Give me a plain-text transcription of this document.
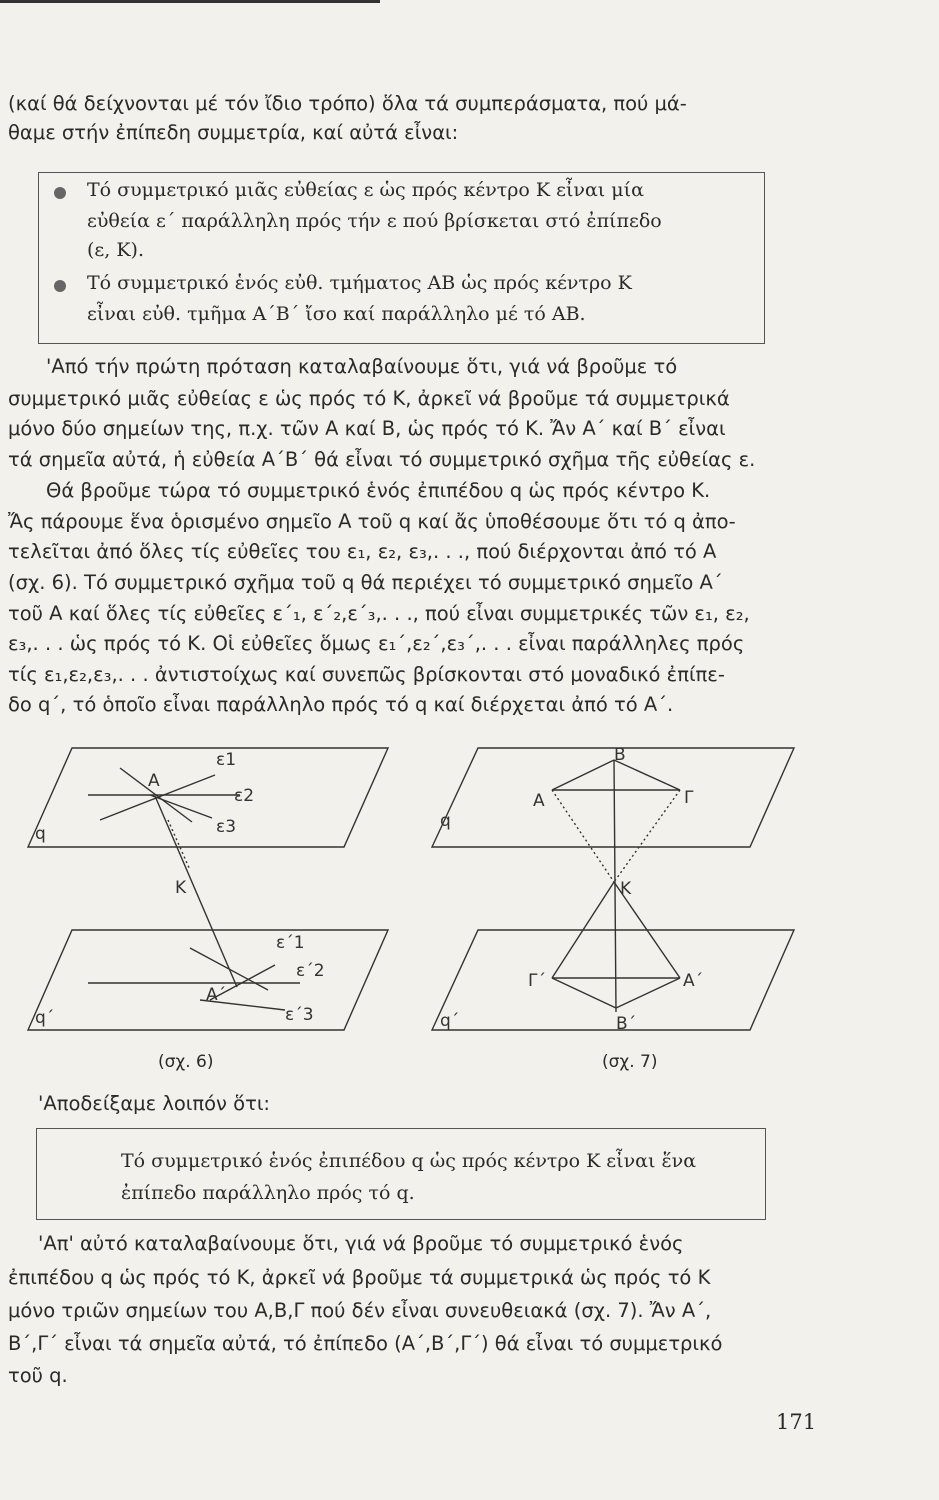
(καί θά δείχνονται μέ τόν ἴδιο τρόπο) ὅλα τά συμπεράσματα, πού μά-
θαμε στήν ἐπίπεδη συμμετρία, καί αὐτά εἶναι:
Τό συμμετρικό μιᾶς εὐθείας ε ὡς πρός κέντρο Κ εἶναι μία
εὐθεία ε΄ παράλληλη πρός τήν ε πού βρίσκεται στό ἐπίπεδο
(ε, Κ).
Τό συμμετρικό ἑνός εὐθ. τμήματος ΑΒ ὡς πρός κέντρο Κ
εἶναι εὐθ. τμῆμα Α΄Β΄ ἴσο καί παράλληλο μέ τό ΑΒ.
'Από τήν πρώτη πρόταση καταλαβαίνουμε ὅτι, γιά νά βροῦμε τό
συμμετρικό μιᾶς εὐθείας ε ὡς πρός τό Κ, ἀρκεῖ νά βροῦμε τά συμμετρικά
μόνο δύο σημείων της, π.χ. τῶν Α καί Β, ὡς πρός τό Κ. Ἄν Α΄ καί Β΄ εἶναι
τά σημεῖα αὐτά, ἡ εὐθεία Α΄Β΄ θά εἶναι τό συμμετρικό σχῆμα τῆς εὐθείας ε.
Θά βροῦμε τώρα τό συμμετρικό ἑνός ἐπιπέδου q ὡς πρός κέντρο Κ.
Ἄς πάρουμε ἕνα ὁρισμένο σημεῖο Α τοῦ q καί ἄς ὑποθέσουμε ὅτι τό q ἀπο-
τελεῖται ἀπό ὅλες τίς εὐθεῖες του ε₁, ε₂, ε₃,. . ., πού διέρχονται ἀπό τό Α
(σχ. 6). Τό συμμετρικό σχῆμα τοῦ q θά περιέχει τό συμμετρικό σημεῖο Α΄
τοῦ Α καί ὅλες τίς εὐθεῖες ε΄₁, ε΄₂,ε΄₃,. . ., πού εἶναι συμμετρικές τῶν ε₁, ε₂,
ε₃,. . . ὡς πρός τό Κ. Οἱ εὐθεῖες ὅμως ε₁΄,ε₂΄,ε₃΄,. . . εἶναι παράλληλες πρός
τίς ε₁,ε₂,ε₃,. . . ἀντιστοίχως καί συνεπῶς βρίσκονται στό μοναδικό ἐπίπε-
δο q΄, τό ὁποῖο εἶναι παράλληλο πρός τό q καί διέρχεται ἀπό τό Α΄.
ε1
Α
ε2
ε3
q
Κ
ε΄1
ε΄2
Α΄
ε΄3
q΄
Β
Α	Γ
q
Κ
Γ΄	Α΄
Β΄
q΄
(σχ. 6)	(σχ. 7)
'Αποδείξαμε λοιπόν ὅτι:
Τό συμμετρικό ἑνός ἐπιπέδου q ὡς πρός κέντρο Κ εἶναι ἕνα
ἐπίπεδο παράλληλο πρός τό q.
'Απ' αὐτό καταλαβαίνουμε ὅτι, γιά νά βροῦμε τό συμμετρικό ἑνός
ἐπιπέδου q ὡς πρός τό Κ, ἀρκεῖ νά βροῦμε τά συμμετρικά ὡς πρός τό Κ
μόνο τριῶν σημείων του Α,Β,Γ πού δέν εἶναι συνευθειακά (σχ. 7). Ἄν Α΄,
Β΄,Γ΄ εἶναι τά σημεῖα αὐτά, τό ἐπίπεδο (Α΄,Β΄,Γ΄) θά εἶναι τό συμμετρικό
τοῦ q.
171
